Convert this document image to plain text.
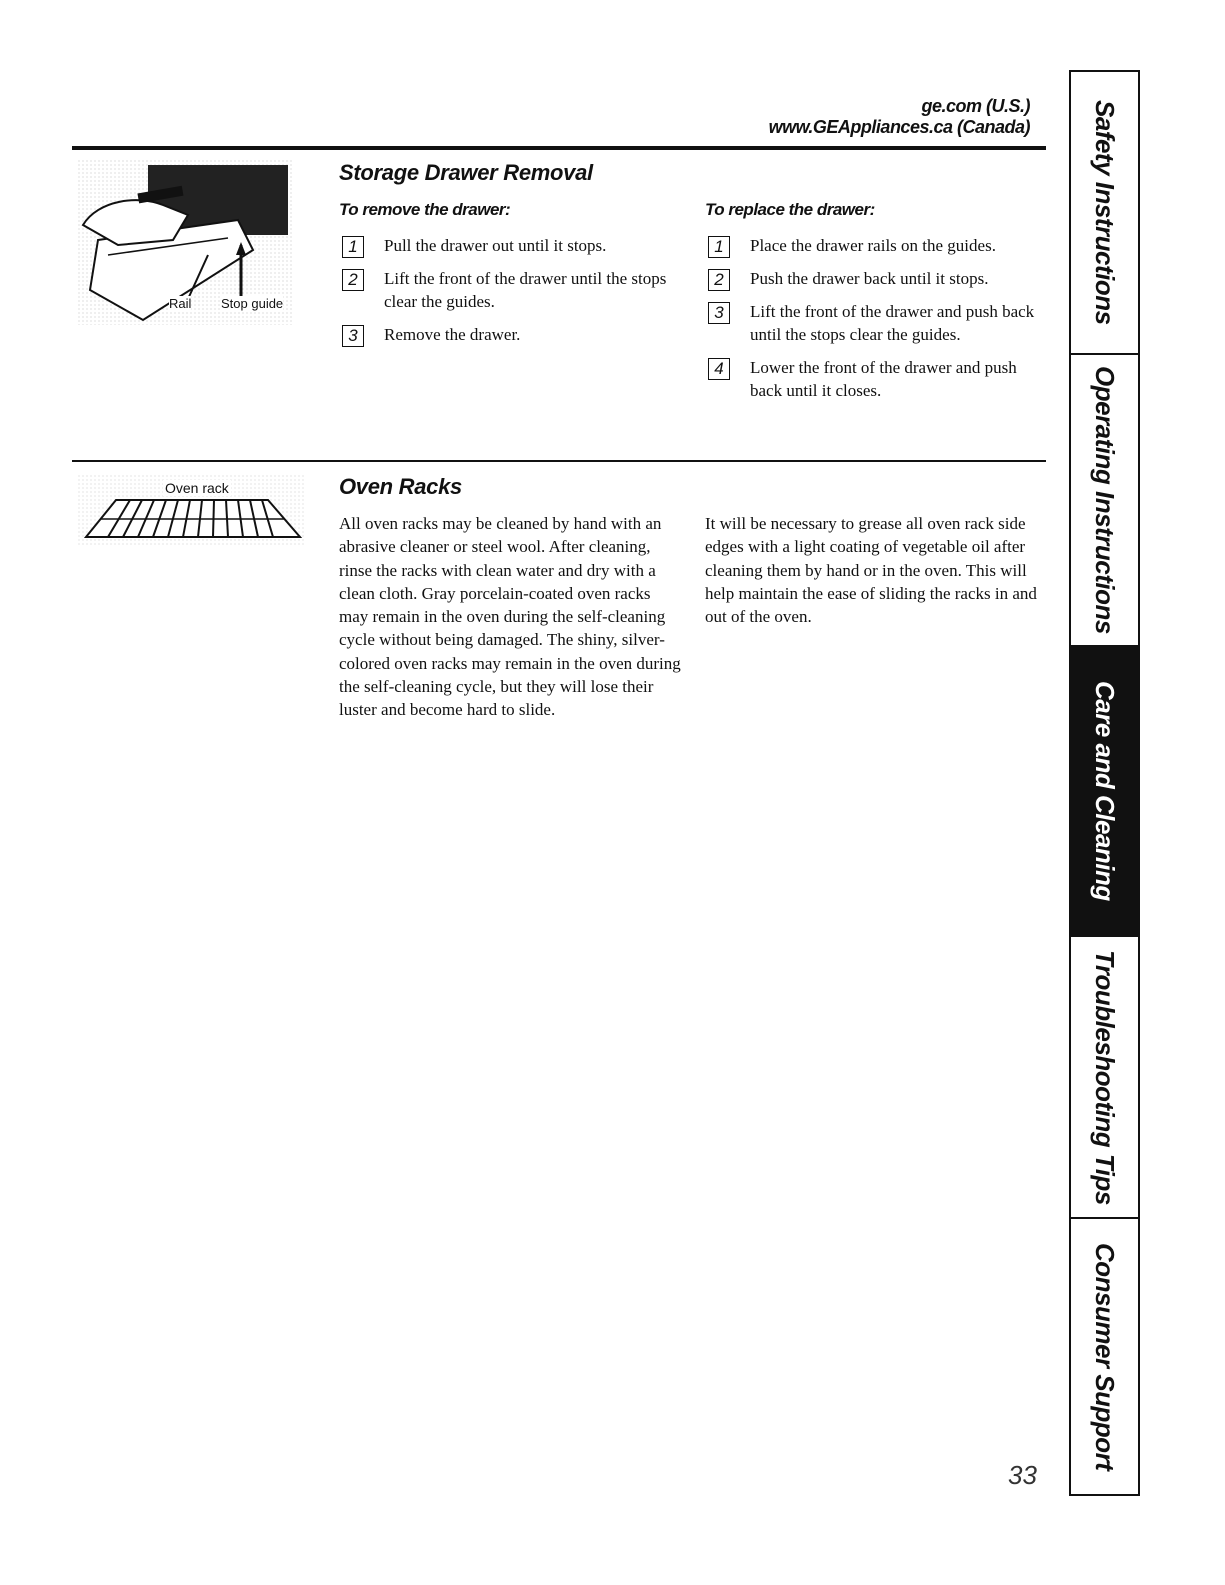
ge.com (U.S.)
www.GEAppliances.ca (Canada)
Rail Stop guide
Storage Drawer Removal
To remove the drawer:
1	Pull the drawer out until it stops.
2	Lift the front of the drawer until the stops clear the guides.
3	Remove the drawer.
To replace the drawer:
1	Place the drawer rails on the guides.
2	Push the drawer back until it stops.
3	Lift the front of the drawer and push back until the stops clear the guides.
4	Lower the front of the drawer and push back until it closes.
Oven rack	Oven Racks

All oven racks may be cleaned by hand with an abrasive cleaner or steel wool. After cleaning, rinse the racks with clean water and dry with a clean cloth. Gray porcelain-coated oven racks may remain in the oven during the self-cleaning cycle without being damaged. The shiny, silver-colored oven racks may remain in the oven during the self-cleaning cycle, but they will lose their luster and become hard to slide.

It will be necessary to grease all oven rack side edges with a light coating of vegetable oil after cleaning them by hand or in the oven. This will help maintain the ease of sliding the racks in and out of the oven.

Safety Instructions
Operating Instructions
Care and Cleaning
Troubleshooting Tips
Consumer Support
33
